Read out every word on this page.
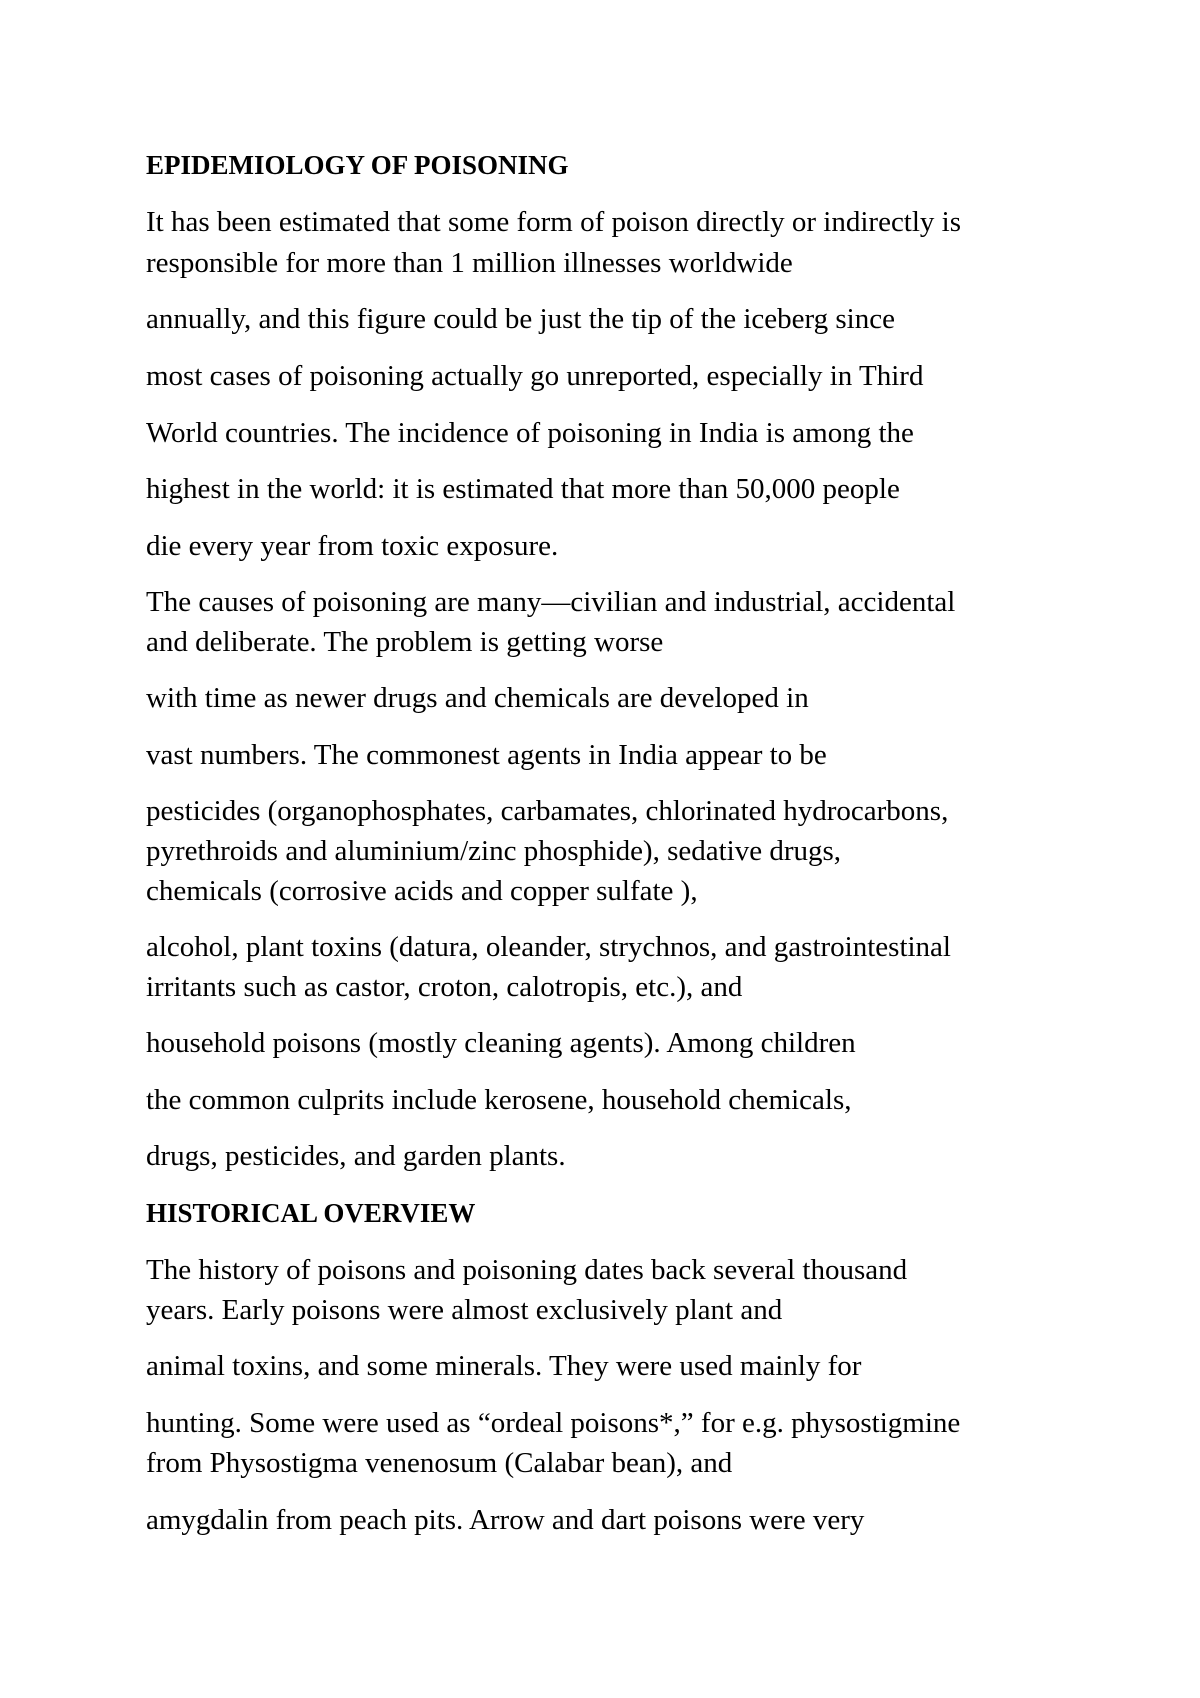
EPIDEMIOLOGY OF POISONING
It has been estimated that some form of poison directly or indirectly is
responsible for more than 1 million illnesses worldwide
annually, and this figure could be just the tip of the iceberg since
most cases of poisoning actually go unreported, especially in Third
World countries. The incidence of poisoning in India is among the
highest in the world: it is estimated that more than 50,000 people
die every year from toxic exposure.
The causes of poisoning are many—civilian and industrial, accidental
and deliberate. The problem is getting worse
with time as newer drugs and chemicals are developed in
vast numbers. The commonest agents in India appear to be
pesticides (organophosphates, carbamates, chlorinated hydrocarbons,
pyrethroids and aluminium/zinc phosphide), sedative drugs,
chemicals (corrosive acids and copper sulfate ),
alcohol, plant toxins (datura, oleander, strychnos, and gastrointestinal
irritants such as castor, croton, calotropis, etc.), and
household poisons (mostly cleaning agents). Among children
the common culprits include kerosene, household chemicals,
drugs, pesticides, and garden plants.
HISTORICAL OVERVIEW
The history of poisons and poisoning dates back several thousand
years. Early poisons were almost exclusively plant and
animal toxins, and some minerals. They were used mainly for
hunting. Some were used as “ordeal poisons*,” for e.g. physostigmine
from Physostigma venenosum (Calabar bean), and
amygdalin from peach pits. Arrow and dart poisons were very
